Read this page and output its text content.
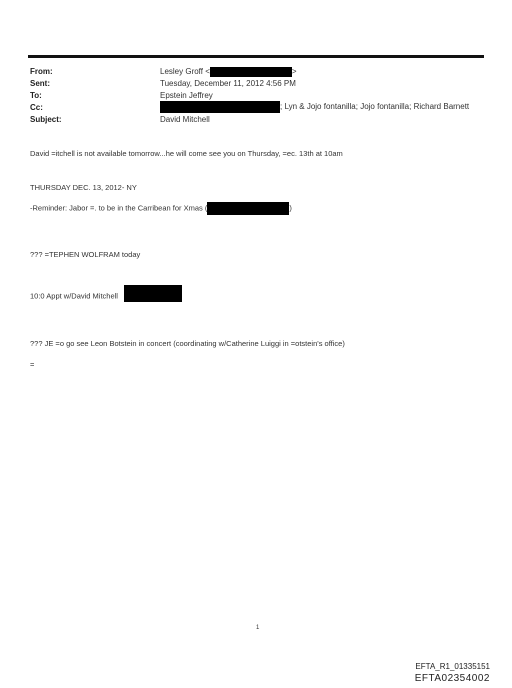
From:
Sent:
To:
Cc:
Subject:
Lesley Groff <	>
Tuesday, December 11, 2012 4:56 PM
Epstein Jeffrey
; Lyn & Jojo fontanilla; Jojo fontanilla; Richard Barnett
David Mitchell
David =itchell is not available tomorrow...he will come see you on Thursday, =ec. 13th at 10am
THURSDAY DEC. 13, 2012- NY
-Reminder: Jabor =. to be in the Carribean for Xmas (	)
??? =TEPHEN WOLFRAM today
10:0 Appt w/David Mitchell
??? JE =o go see Leon Botstein in concert (coordinating w/Catherine Luiggi in =otstein's office)
=
1
EFTA_R1_01335151
EFTA02354002
